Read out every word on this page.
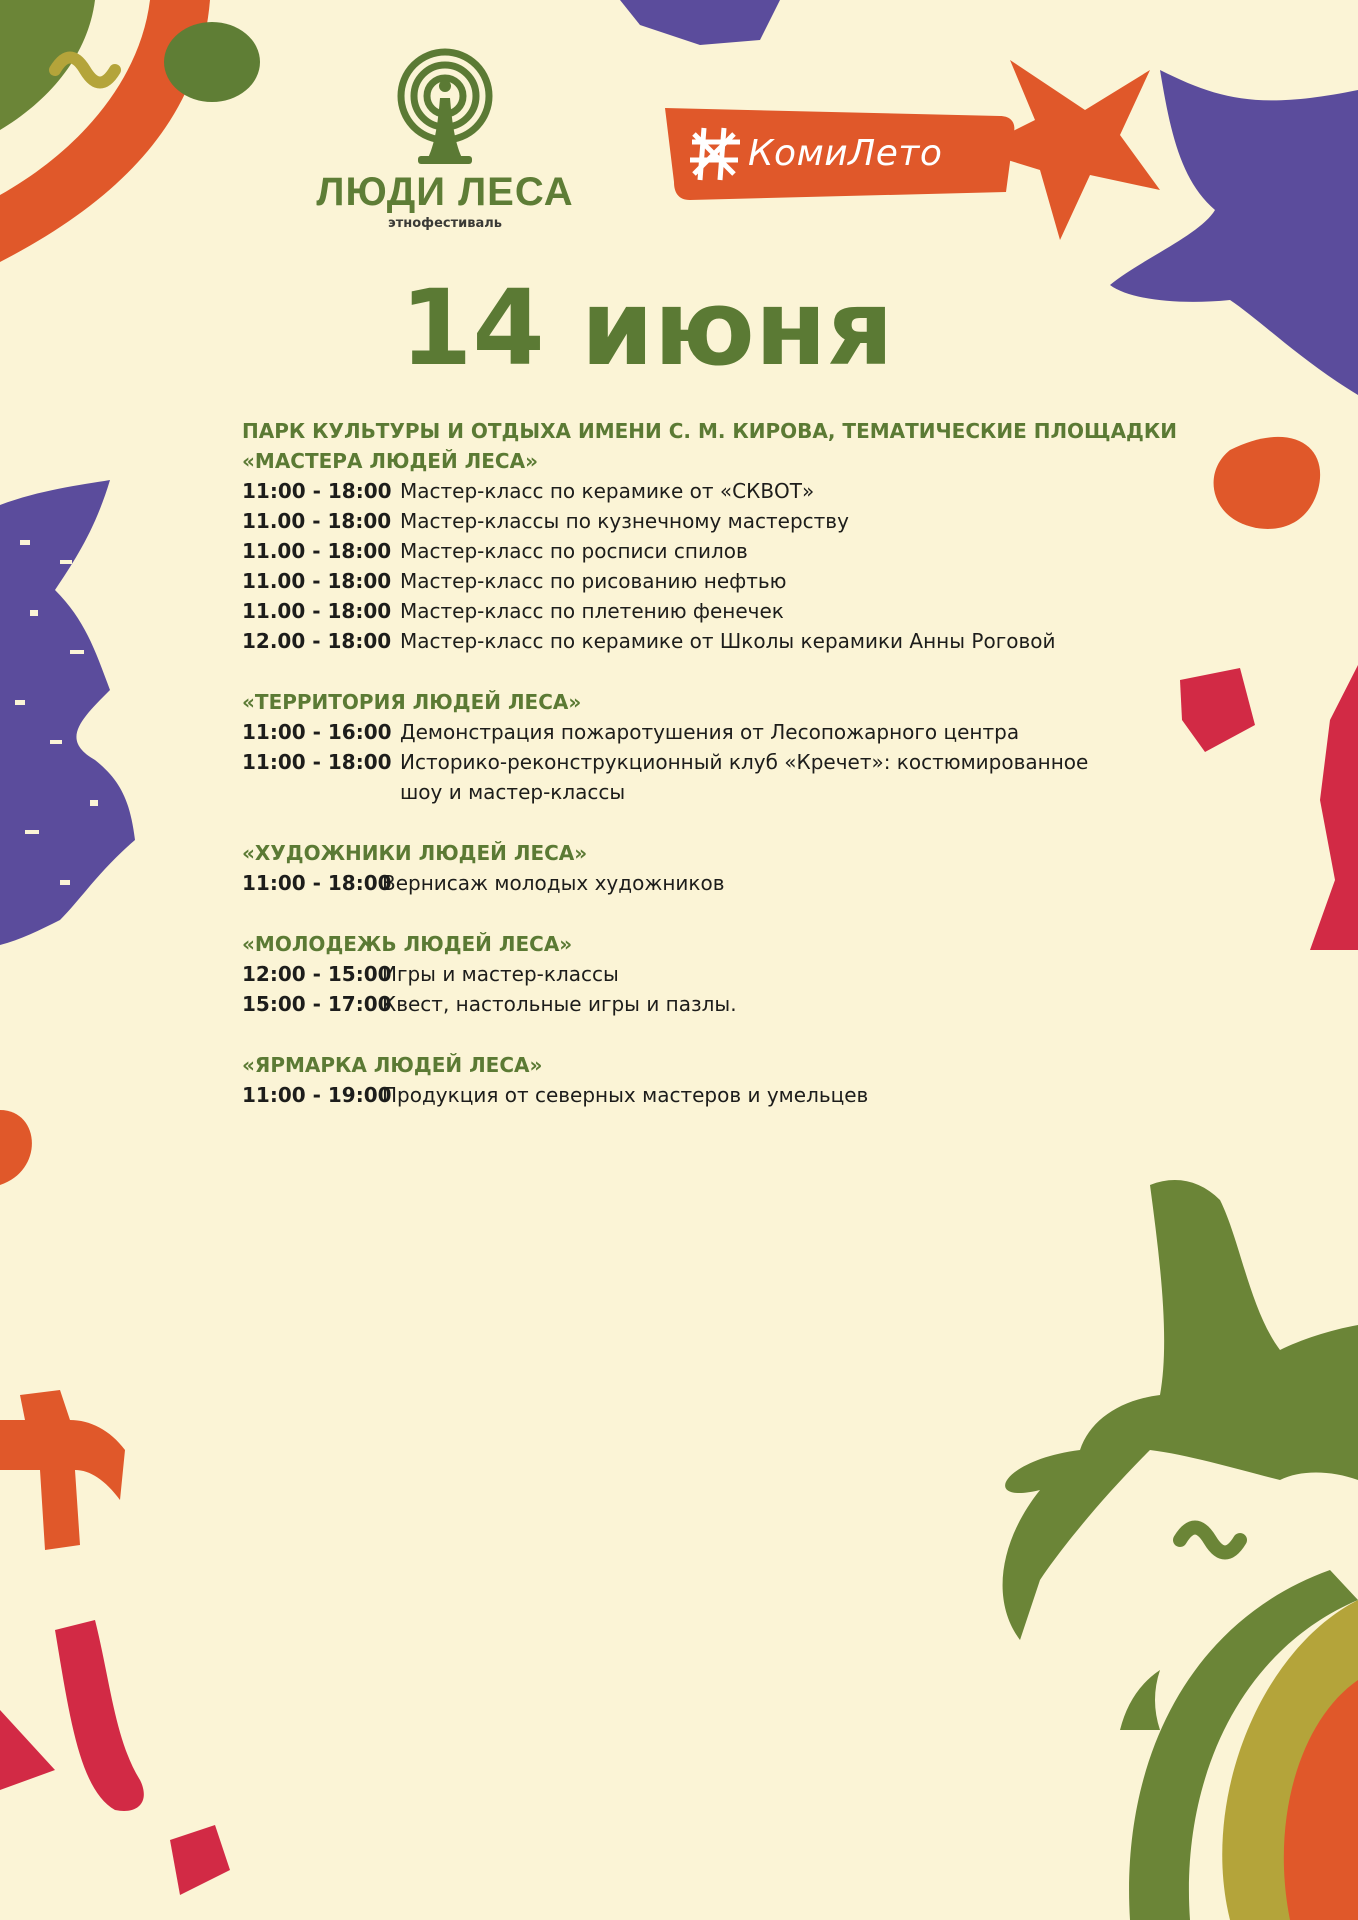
ЛЮДИ ЛЕСА
этнофестиваль
КомиЛето
14 июня
ПАРК КУЛЬТУРЫ И ОТДЫХА ИМЕНИ С. М. КИРОВА, ТЕМАТИЧЕСКИЕ ПЛОЩАДКИ
«МАСТЕРА ЛЮДЕЙ ЛЕСА»
11:00 - 18:00 Мастер-класс по керамике от «СКВОТ»
11.00 - 18:00 Мастер-классы по кузнечному мастерству
11.00 - 18:00 Мастер-класс по росписи спилов
11.00 - 18:00 Мастер-класс по рисованию нефтью
11.00 - 18:00 Мастер-класс по плетению фенечек
12.00 - 18:00 Мастер-класс по керамике от Школы керамики Анны Роговой
«ТЕРРИТОРИЯ ЛЮДЕЙ ЛЕСА»
11:00 - 16:00 Демонстрация пожаротушения от Лесопожарного центра
11:00 - 18:00 Историко-реконструкционный клуб «Кречет»: костюмированное
шоу и мастер-классы
«ХУДОЖНИКИ ЛЮДЕЙ ЛЕСА»
11:00 - 18:00
Вернисаж молодых художников
«МОЛОДЕЖЬ ЛЮДЕЙ ЛЕСА»
12:00 - 15:00
Игры и мастер-классы
15:00 - 17:00
Квест, настольные игры и пазлы.
«ЯРМАРКА ЛЮДЕЙ ЛЕСА»
11:00 - 19:00
Продукция от северных мастеров и умельцев
